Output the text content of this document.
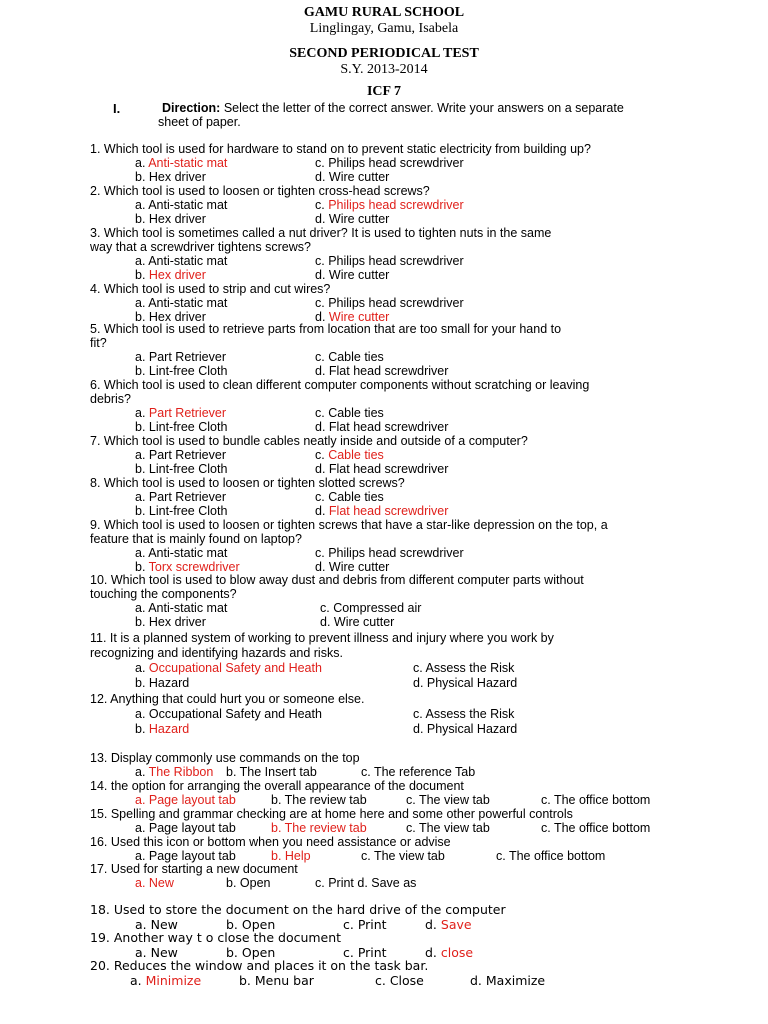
GAMU RURAL SCHOOL
Linglingay, Gamu, Isabela
SECOND PERIODICAL TEST
S.Y. 2013-2014
ICF 7
I.	Direction: Select the letter of the correct answer. Write your answers on a separate
sheet of paper.
1. Which tool is used for hardware to stand on to prevent static electricity from building up?
a. Anti-static mat	c. Philips head screwdriver
b. Hex driver	d. Wire cutter
2. Which tool is used to loosen or tighten cross-head screws?
a. Anti-static mat	c. Philips head screwdriver
b. Hex driver	d. Wire cutter
3. Which tool is sometimes called a nut driver? It is used to tighten nuts in the same
way that a screwdriver tightens screws?
a. Anti-static mat	c. Philips head screwdriver
b. Hex driver	d. Wire cutter
4. Which tool is used to strip and cut wires?
a. Anti-static mat	c. Philips head screwdriver
b. Hex driver	d. Wire cutter
5. Which tool is used to retrieve parts from location that are too small for your hand to
fit?
a. Part Retriever	c. Cable ties
b. Lint-free Cloth	d. Flat head screwdriver
6. Which tool is used to clean different computer components without scratching or leaving
debris?
a. Part Retriever	c. Cable ties
b. Lint-free Cloth	d. Flat head screwdriver
7. Which tool is used to bundle cables neatly inside and outside of a computer?
a. Part Retriever	c. Cable ties
b. Lint-free Cloth	d. Flat head screwdriver
8. Which tool is used to loosen or tighten slotted screws?
a. Part Retriever	c. Cable ties
b. Lint-free Cloth	d. Flat head screwdriver
9. Which tool is used to loosen or tighten screws that have a star-like depression on the top, a
feature that is mainly found on laptop?
a. Anti-static mat	c. Philips head screwdriver
b. Torx screwdriver	d. Wire cutter
10. Which tool is used to blow away dust and debris from different computer parts without
touching the components?
a. Anti-static mat	c. Compressed air
b. Hex driver	d. Wire cutter
11. It is a planned system of working to prevent illness and injury where you work by
recognizing and identifying hazards and risks.
a. Occupational Safety and Heath	c. Assess the Risk
b. Hazard	d. Physical Hazard
12. Anything that could hurt you or someone else.
a. Occupational Safety and Heath	c. Assess the Risk
b. Hazard	d. Physical Hazard
13. Display commonly use commands on the top
a. The Ribbon b. The Insert tab	c. The reference Tab
14. the option for arranging the overall appearance of the document
a. Page layout tab	b. The review tab	c. The view tab	c. The office bottom
15. Spelling and grammar checking are at home here and some other powerful controls
a. Page layout tab	b. The review tab	c. The view tab	c. The office bottom
16. Used this icon or bottom when you need assistance or advise
a. Page layout tab	b. Help	c. The view tab	c. The office bottom
17. Used for starting a new document
a. New	b. Open	c. Print d. Save as
18. Used to store the document on the hard drive of the computer
a. New	b. Open	c. Print	d. Save
19. Another way t o close the document
a. New	b. Open	c. Print	d. close
20. Reduces the window and places it on the task bar.
a. Minimize	b. Menu bar	c. Close	d. Maximize
